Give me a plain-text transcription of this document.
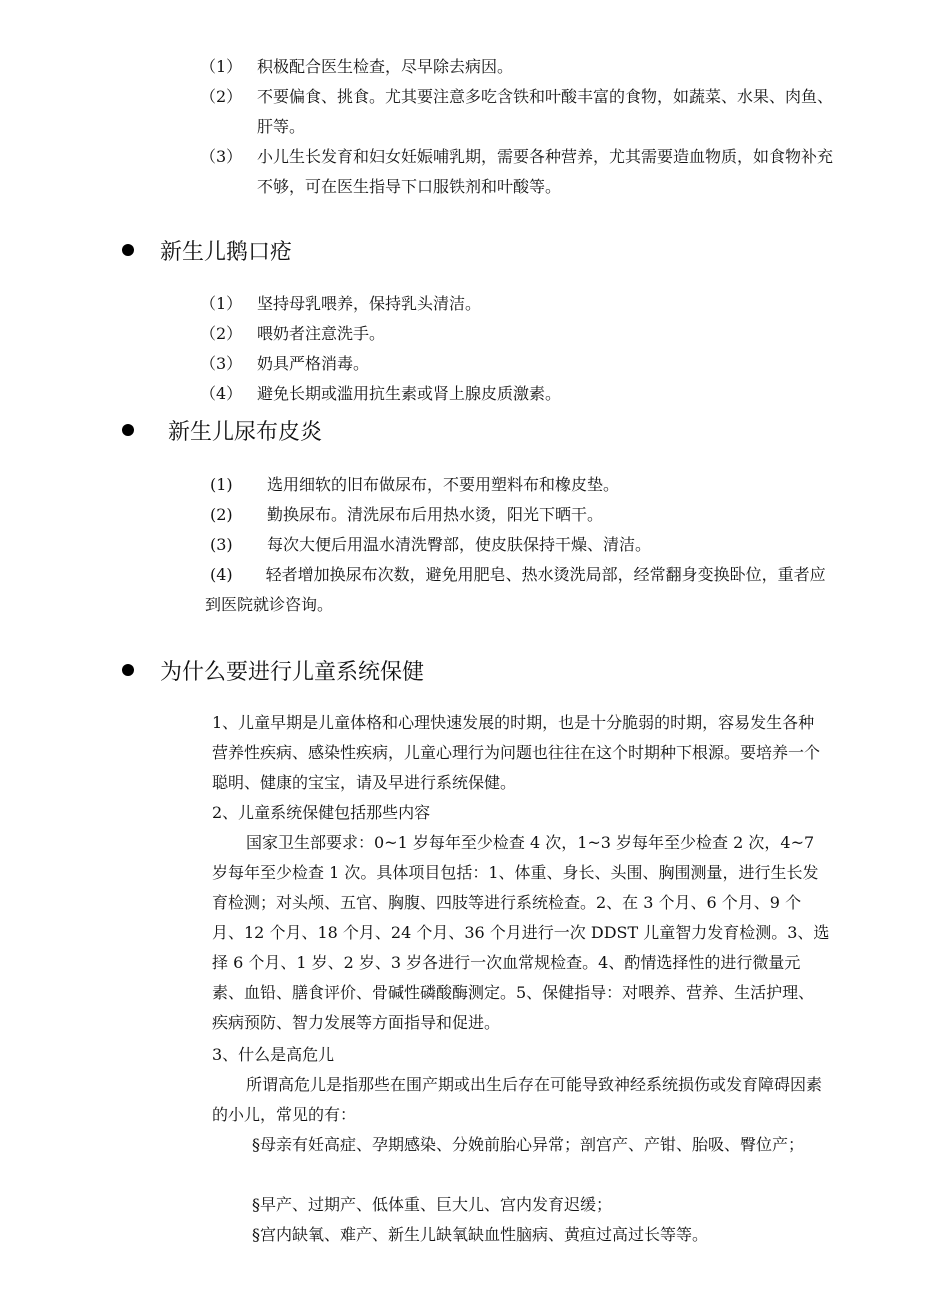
（1） 积极配合医生检查，尽早除去病因。
（2） 不要偏食、挑食。尤其要注意多吃含铁和叶酸丰富的食物，如蔬菜、水果、肉鱼、肝等。
（3） 小儿生长发育和妇女妊娠哺乳期，需要各种营养，尤其需要造血物质，如食物补充不够，可在医生指导下口服铁剂和叶酸等。
新生儿鹅口疮
（1） 坚持母乳喂养，保持乳头清洁。
（2） 喂奶者注意洗手。
（3） 奶具严格消毒。
（4） 避免长期或滥用抗生素或肾上腺皮质激素。
新生儿尿布皮炎
(1) 选用细软的旧布做尿布，不要用塑料布和橡皮垫。
(2) 勤换尿布。清洗尿布后用热水烫，阳光下晒干。
(3) 每次大便后用温水清洗臀部，使皮肤保持干燥、清洁。
(4) 轻者增加换尿布次数，避免用肥皂、热水烫洗局部，经常翻身变换卧位，重者应到医院就诊咨询。
为什么要进行儿童系统保健
1、儿童早期是儿童体格和心理快速发展的时期，也是十分脆弱的时期，容易发生各种营养性疾病、感染性疾病，儿童心理行为问题也往往在这个时期种下根源。要培养一个聪明、健康的宝宝，请及早进行系统保健。
2、儿童系统保健包括那些内容
国家卫生部要求：0~1 岁每年至少检查 4 次，1~3 岁每年至少检查 2 次，4~7 岁每年至少检查 1 次。具体项目包括：1、体重、身长、头围、胸围测量，进行生长发育检测；对头颅、五官、胸腹、四肢等进行系统检查。2、在 3 个月、6 个月、9 个月、12 个月、18 个月、24 个月、36 个月进行一次 DDST 儿童智力发育检测。3、选择 6 个月、1 岁、2 岁、3 岁各进行一次血常规检查。4、酌情选择性的进行微量元素、血铅、膳食评价、骨碱性磷酸酶测定。5、保健指导：对喂养、营养、生活护理、疾病预防、智力发展等方面指导和促进。
3、什么是高危儿
所谓高危儿是指那些在围产期或出生后存在可能导致神经系统损伤或发育障碍因素的小儿，常见的有：
§母亲有妊高症、孕期感染、分娩前胎心异常；剖宫产、产钳、胎吸、臀位产；
§早产、过期产、低体重、巨大儿、宫内发育迟缓；
§宫内缺氧、难产、新生儿缺氧缺血性脑病、黄疸过高过长等等。
